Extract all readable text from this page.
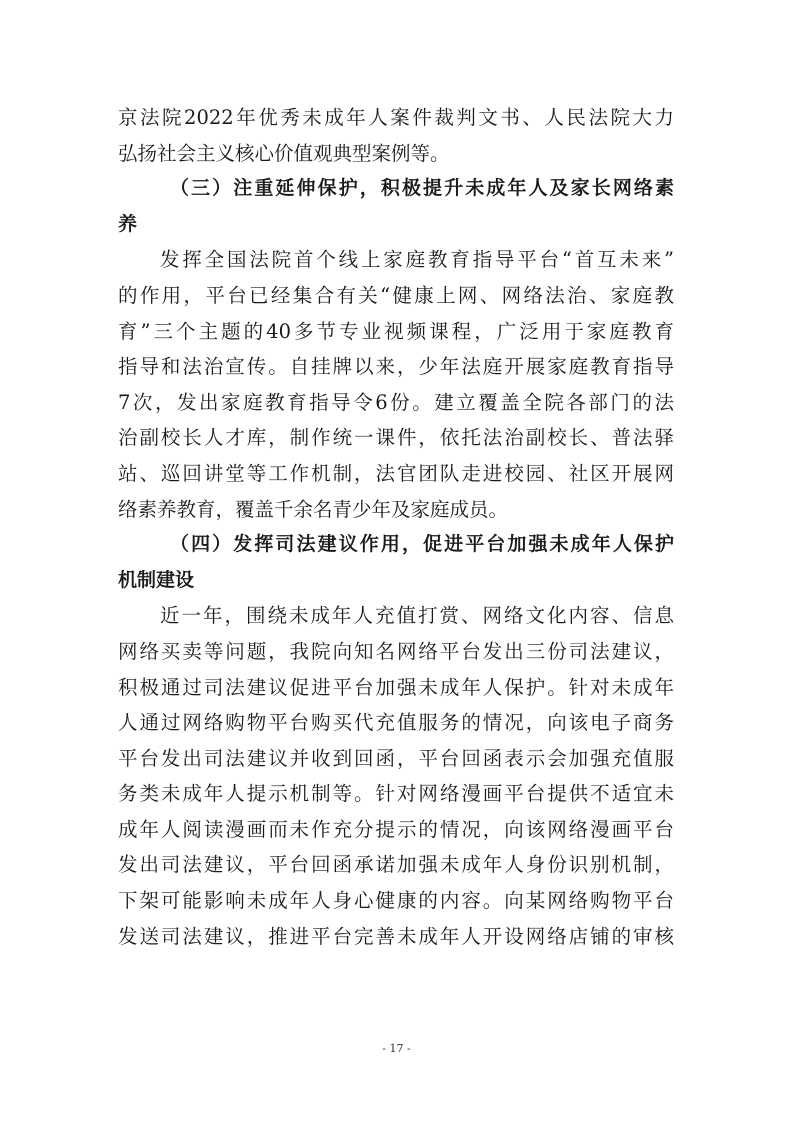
京法院2022年优秀未成年人案件裁判文书、人民法院大力
弘扬社会主义核心价值观典型案例等。
（三）注重延伸保护，积极提升未成年人及家长网络素
养
发挥全国法院首个线上家庭教育指导平台“首互未来”
的作用，平台已经集合有关“健康上网、网络法治、家庭教
育”三个主题的40多节专业视频课程，广泛用于家庭教育
指导和法治宣传。自挂牌以来，少年法庭开展家庭教育指导
7次，发出家庭教育指导令6份。建立覆盖全院各部门的法
治副校长人才库，制作统一课件，依托法治副校长、普法驿
站、巡回讲堂等工作机制，法官团队走进校园、社区开展网
络素养教育，覆盖千余名青少年及家庭成员。
（四）发挥司法建议作用，促进平台加强未成年人保护
机制建设
近一年，围绕未成年人充值打赏、网络文化内容、信息
网络买卖等问题，我院向知名网络平台发出三份司法建议，
积极通过司法建议促进平台加强未成年人保护。针对未成年
人通过网络购物平台购买代充值服务的情况，向该电子商务
平台发出司法建议并收到回函，平台回函表示会加强充值服
务类未成年人提示机制等。针对网络漫画平台提供不适宜未
成年人阅读漫画而未作充分提示的情况，向该网络漫画平台
发出司法建议，平台回函承诺加强未成年人身份识别机制，
下架可能影响未成年人身心健康的内容。向某网络购物平台
发送司法建议，推进平台完善未成年人开设网络店铺的审核
- 17 -
